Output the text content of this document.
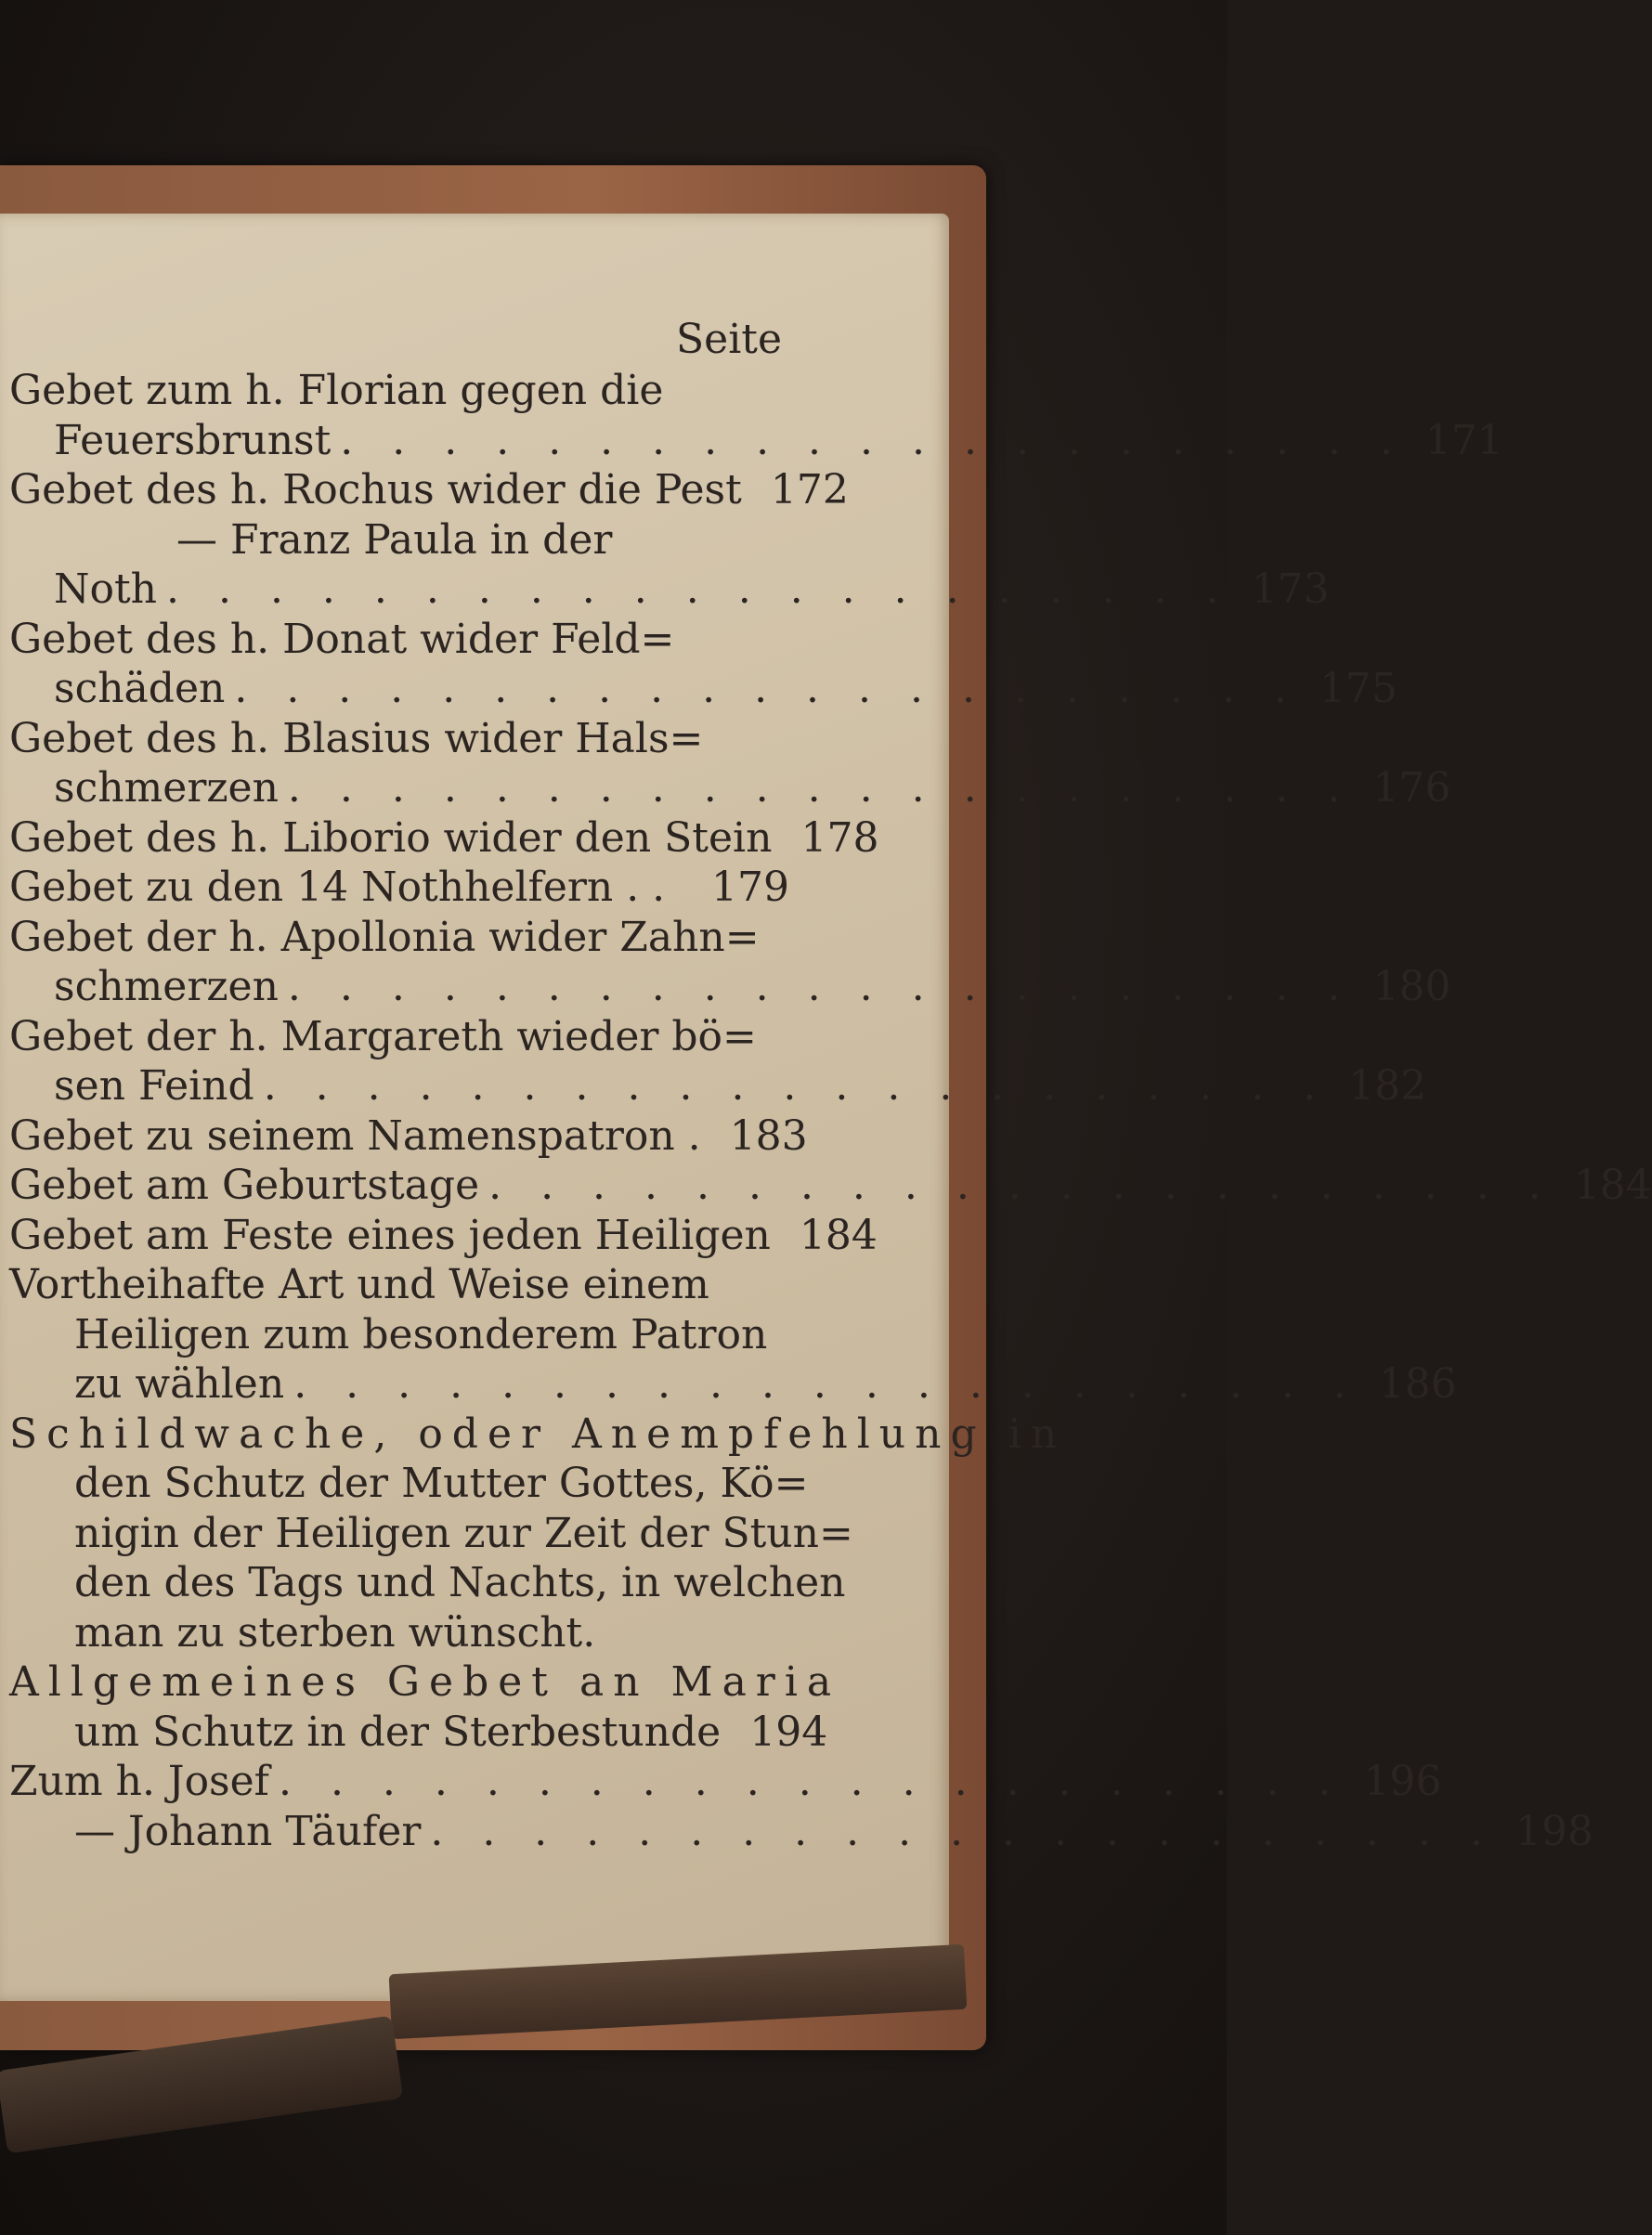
Seite
Gebet zum h. Florian gegen die
Feuersbrunst . . . . . . . . . . . . . . . . . . . . . 171
Gebet des h. Rochus wider die Pest 172
— Franz Paula in der
Noth . . . . . . . . . . . . . . . . . . . . . 173
Gebet des h. Donat wider Feld=
schäden . . . . . . . . . . . . . . . . . . . . . 175
Gebet des h. Blasius wider Hals=
schmerzen . . . . . . . . . . . . . . . . . . . . . 176
Gebet des h. Liborio wider den Stein 178
Gebet zu den 14 Nothhelfern . . 179
Gebet der h. Apollonia wider Zahn=
schmerzen . . . . . . . . . . . . . . . . . . . . . 180
Gebet der h. Margareth wieder bö=
sen Feind . . . . . . . . . . . . . . . . . . . . . 182
Gebet zu seinem Namenspatron . 183
Gebet am Geburtstage . . . . . . . . . . . . . . . . . . . . . 184
Gebet am Feste eines jeden Heiligen 184
Vortheihafte Art und Weise einem
Heiligen zum besonderem Patron
zu wählen . . . . . . . . . . . . . . . . . . . . . 186
Schildwache, oder Anempfehlung in
den Schutz der Mutter Gottes, Kö=
nigin der Heiligen zur Zeit der Stun=
den des Tags und Nachts, in welchen
man zu sterben wünscht.
Allgemeines Gebet an Maria
um Schutz in der Sterbestunde 194
Zum h. Josef . . . . . . . . . . . . . . . . . . . . . 196
— Johann Täufer . . . . . . . . . . . . . . . . . . . . . 198
